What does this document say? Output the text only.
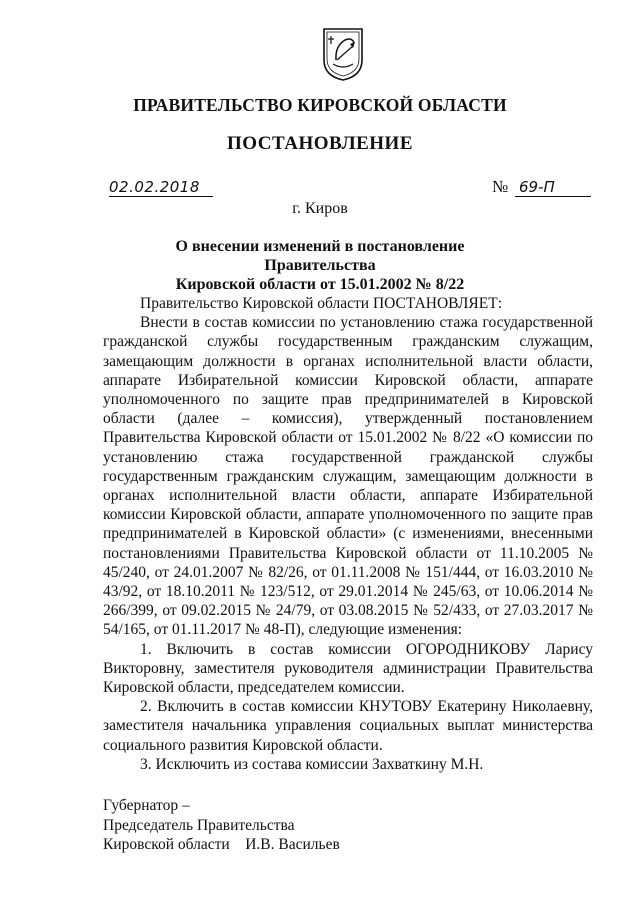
ПРАВИТЕЛЬСТВО КИРОВСКОЙ ОБЛАСТИ
ПОСТАНОВЛЕНИЕ
02.02.2018	№ 69-П
г. Киров
О внесении изменений в постановление Правительства
Кировской области от 15.01.2002 № 8/22

Правительство Кировской области ПОСТАНОВЛЯЕТ:

Внести в состав комиссии по установлению стажа государственной гражданской службы государственным гражданским служащим, замещающим должности в органах исполнительной власти области, аппарате Избирательной комиссии Кировской области, аппарате уполномоченного по защите прав предпринимателей в Кировской области (далее – комиссия), утвержденный постановлением Правительства Кировской области от 15.01.2002 № 8/22 «О комиссии по установлению стажа государственной гражданской службы государственным гражданским служащим, замещающим должности в органах исполнительной власти области, аппарате Избирательной комиссии Кировской области, аппарате уполномоченного по защите прав предпринимателей в Кировской области» (с изменениями, внесенными постановлениями Правительства Кировской области от 11.10.2005 № 45/240, от 24.01.2007 № 82/26, от 01.11.2008 № 151/444, от 16.03.2010 № 43/92, от 18.10.2011 № 123/512, от 29.01.2014 № 245/63, от 10.06.2014 № 266/399, от 09.02.2015 № 24/79, от 03.08.2015 № 52/433, от 27.03.2017 № 54/165, от 01.11.2017 № 48-П), следующие изменения:

1. Включить в состав комиссии ОГОРОДНИКОВУ Ларису Викторовну, заместителя руководителя администрации Правительства Кировской области, председателем комиссии.

2. Включить в состав комиссии КНУТОВУ Екатерину Николаевну, заместителя начальника управления социальных выплат министерства социального развития Кировской области.

3. Исключить из состава комиссии Захваткину М.Н.

Губернатор –
Председатель Правительства
Кировской области    И.В. Васильев
